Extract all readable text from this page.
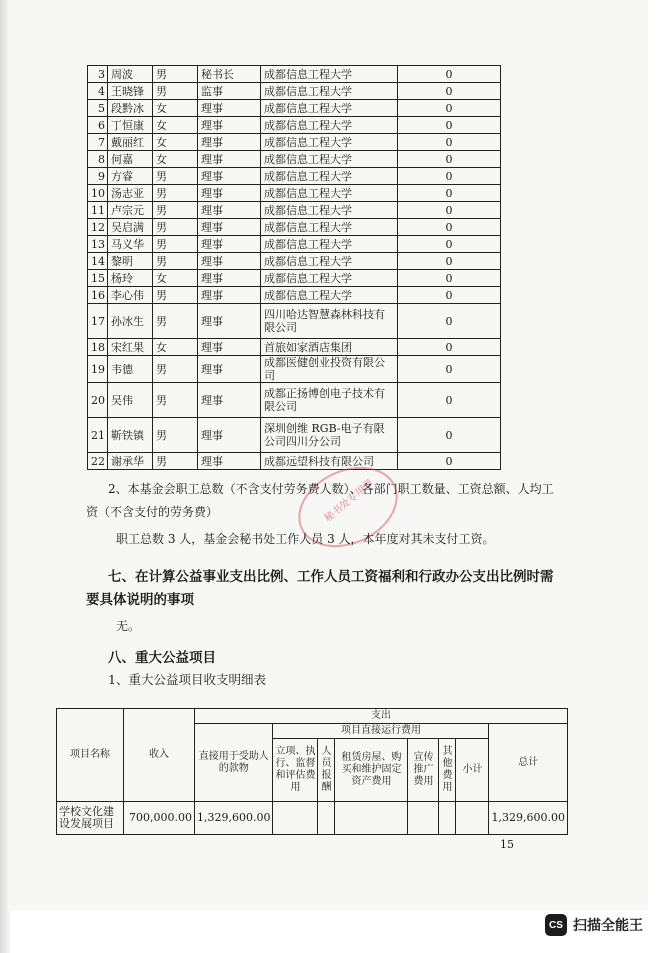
3	周波	男	秘书长	成都信息工程大学	0
4	王晓锋	男	监事	成都信息工程大学	0
5	段黔冰	女	理事	成都信息工程大学	0
6	丁恒康	女	理事	成都信息工程大学	0
7	戴丽红	女	理事	成都信息工程大学	0
8	何嘉	女	理事	成都信息工程大学	0
9	方睿	男	理事	成都信息工程大学	0
10	汤志亚	男	理事	成都信息工程大学	0
11	卢宗元	男	理事	成都信息工程大学	0
12	吴启满	男	理事	成都信息工程大学	0
13	马义华	男	理事	成都信息工程大学	0
14	黎明	男	理事	成都信息工程大学	0
15	杨玲	女	理事	成都信息工程大学	0
16	李心伟	男	理事	成都信息工程大学	0
17	孙冰生	男	理事	四川哈达智慧森林科技有限公司	0
18	宋红果	女	理事	首旅如家酒店集团	0
19	韦德	男	理事	成都医健创业投资有限公司	0
20	吴伟	男	理事	成都正扬博创电子技术有限公司	0
21	靳铁镇	男	理事	深圳创维 RGB-电子有限公司四川分公司	0
22	谢承华	男	理事	成都远望科技有限公司	0
秘书处专用章
2、本基金会职工总数（不含支付劳务费人数）、各部门职工数量、工资总额、人均工
资（不含支付的劳务费）
职工总数 3 人，基金会秘书处工作人员 3 人，本年度对其未支付工资。
七、在计算公益事业支出比例、工作人员工资福利和行政办公支出比例时需
要具体说明的事项
无。
八、重大公益项目
1、重大公益项目收支明细表
项目名称	收入	支出							
		直接用于受助人的款物	项目直接运行费用						总计
			立项、执行、监督和评估费用	人员报酬	租赁房屋、购买和维护固定资产费用	宣传推广费用	其他费用	小计	
学校文化建设发展项目	700,000.00	1,329,600.00							1,329,600.00
15
CS 扫描全能王
